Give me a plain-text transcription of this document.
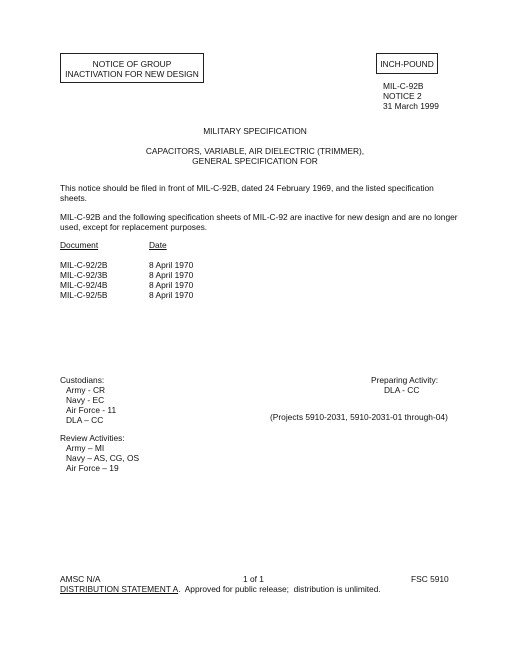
NOTICE OF GROUP
INACTIVATION FOR NEW DESIGN
INCH-POUND
MIL-C-92B
NOTICE 2
31 March 1999
MILITARY SPECIFICATION
CAPACITORS, VARIABLE, AIR DIELECTRIC (TRIMMER),
GENERAL SPECIFICATION FOR
This notice should be filed in front of MIL-C-92B, dated 24 February 1969, and the listed specification sheets.
MIL-C-92B and the following specification sheets of MIL-C-92 are inactive for new design and are no longer used, except for replacement purposes.
Document	Date
MIL-C-92/2B	8 April 1970
MIL-C-92/3B	8 April 1970
MIL-C-92/4B	8 April 1970
MIL-C-92/5B	8 April 1970
Custodians:
Army - CR
Navy - EC
Air Force - 11
DLA – CC
Preparing Activity:
DLA - CC
(Projects 5910-2031, 5910-2031-01 through-04)
Review Activities:
Army – MI
Navy – AS, CG, OS
Air Force – 19
AMSC N/A	1 of 1	FSC 5910
DISTRIBUTION STATEMENT A.  Approved for public release;  distribution is unlimited.
